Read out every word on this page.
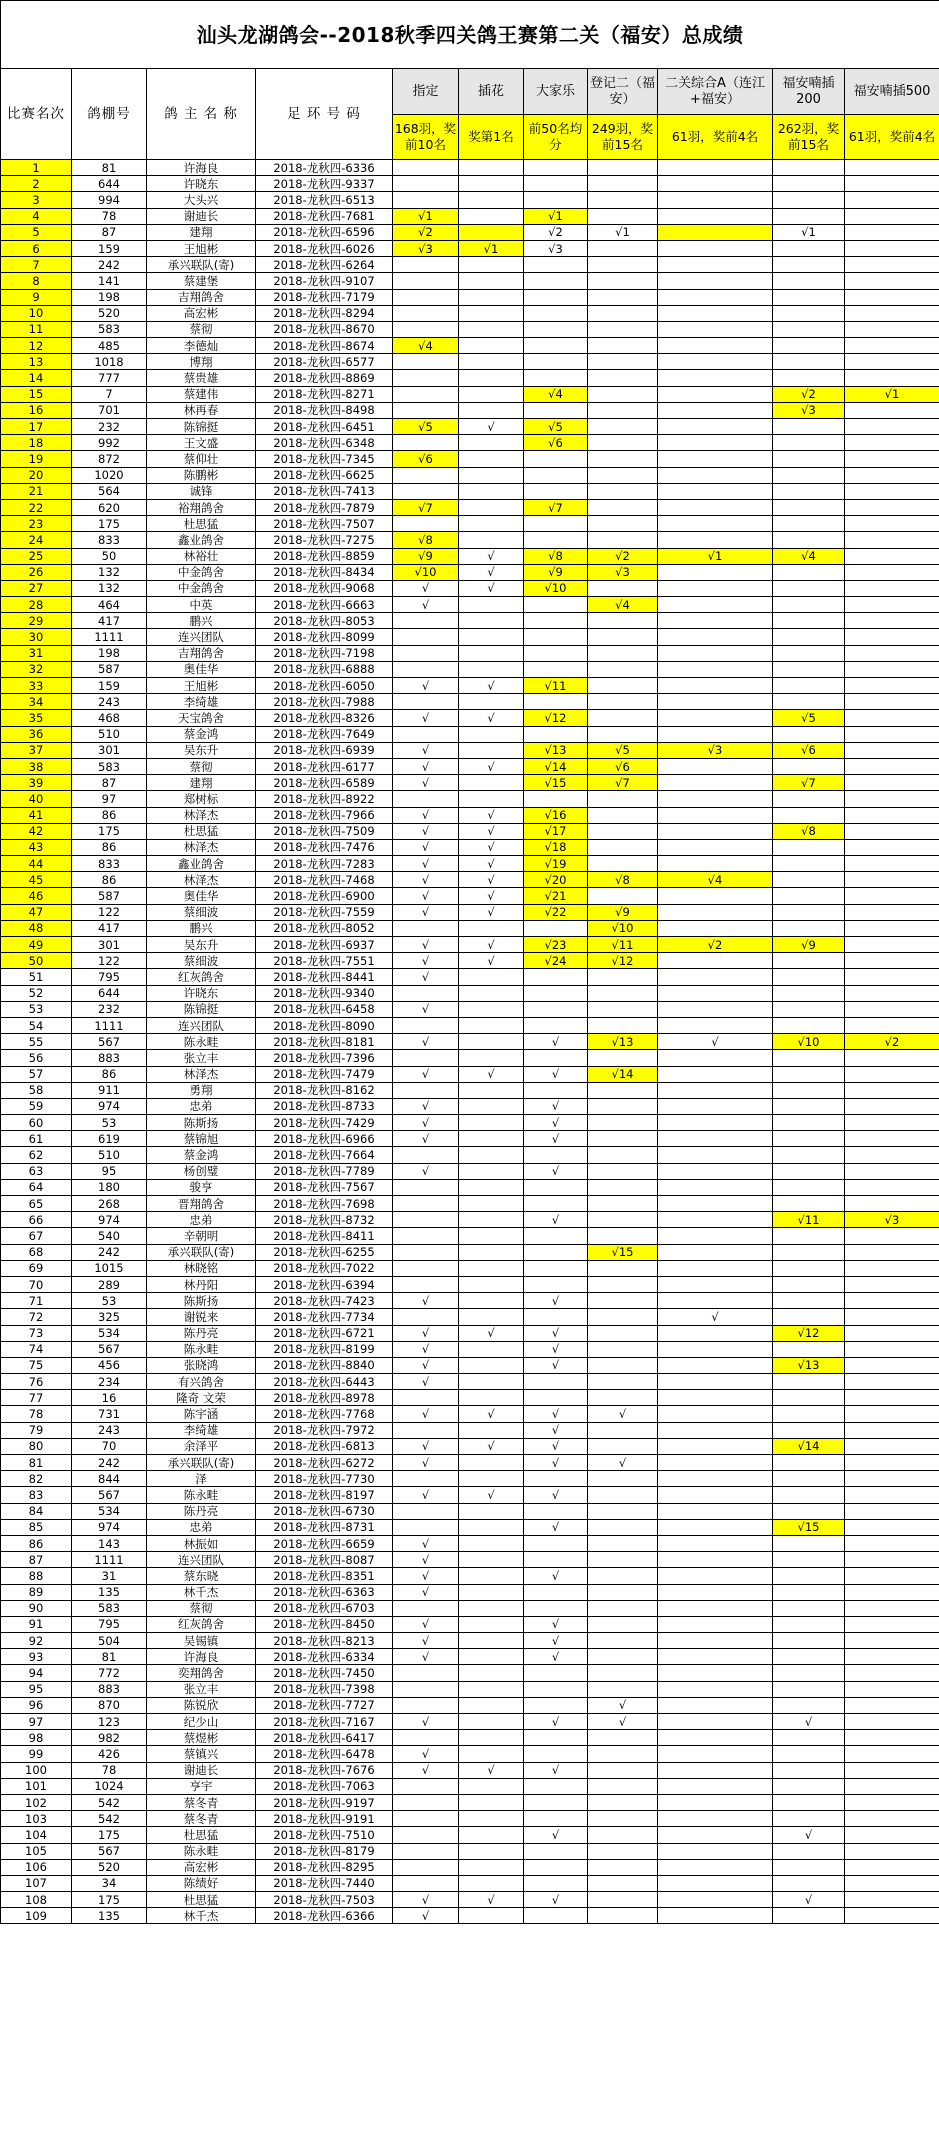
汕头龙湖鸽会--2018秋季四关鸽王赛第二关（福安）总成绩										
比赛名次	鸽棚号	鸽 主 名 称	足 环 号 码	指定	插花	大家乐	登记二（福安）	二关综合A（连江+福安）	福安喃插200	福安喃插500
				168羽，奖前10名	奖第1名	前50名均分	249羽，奖前15名	61羽，奖前4名	262羽，奖前15名	61羽，奖前4名
1	81	许海良	2018-龙秋四-6336							
2	644	许晓东	2018-龙秋四-9337							
3	994	大头兴	2018-龙秋四-6513							
4	78	谢迪长	2018-龙秋四-7681	√1		√1				
5	87	建翔	2018-龙秋四-6596	√2		√2	√1		√1	
6	159	王旭彬	2018-龙秋四-6026	√3	√1	√3				
7	242	承兴联队(寄)	2018-龙秋四-6264							
8	141	蔡建堡	2018-龙秋四-9107							
9	198	吉翔鸽舍	2018-龙秋四-7179							
10	520	高宏彬	2018-龙秋四-8294							
11	583	蔡彻	2018-龙秋四-8670							
12	485	李德灿	2018-龙秋四-8674	√4						
13	1018	博翔	2018-龙秋四-6577							
14	777	蔡贵雄	2018-龙秋四-8869							
15	7	蔡建伟	2018-龙秋四-8271			√4			√2	√1
16	701	林再春	2018-龙秋四-8498						√3	
17	232	陈锦挺	2018-龙秋四-6451	√5	√	√5				
18	992	王文盛	2018-龙秋四-6348			√6				
19	872	蔡仰壮	2018-龙秋四-7345	√6						
20	1020	陈鹏彬	2018-龙秋四-6625							
21	564	诚锋	2018-龙秋四-7413							
22	620	裕翔鸽舍	2018-龙秋四-7879	√7		√7				
23	175	杜思猛	2018-龙秋四-7507							
24	833	鑫业鸽舍	2018-龙秋四-7275	√8						
25	50	林裕壮	2018-龙秋四-8859	√9	√	√8	√2	√1	√4	
26	132	中金鸽舍	2018-龙秋四-8434	√10	√	√9	√3			
27	132	中金鸽舍	2018-龙秋四-9068	√	√	√10				
28	464	中英	2018-龙秋四-6663	√			√4			
29	417	鹏兴	2018-龙秋四-8053							
30	1111	连兴团队	2018-龙秋四-8099							
31	198	吉翔鸽舍	2018-龙秋四-7198							
32	587	奥佳华	2018-龙秋四-6888							
33	159	王旭彬	2018-龙秋四-6050	√	√	√11				
34	243	李绮雄	2018-龙秋四-7988							
35	468	天宝鸽舍	2018-龙秋四-8326	√	√	√12			√5	
36	510	蔡金鸿	2018-龙秋四-7649							
37	301	吴东升	2018-龙秋四-6939	√		√13	√5	√3	√6	
38	583	蔡彻	2018-龙秋四-6177	√	√	√14	√6			
39	87	建翔	2018-龙秋四-6589	√		√15	√7		√7	
40	97	郑树标	2018-龙秋四-8922							
41	86	林泽杰	2018-龙秋四-7966	√	√	√16				
42	175	杜思猛	2018-龙秋四-7509	√	√	√17			√8	
43	86	林泽杰	2018-龙秋四-7476	√	√	√18				
44	833	鑫业鸽舍	2018-龙秋四-7283	√	√	√19				
45	86	林泽杰	2018-龙秋四-7468	√	√	√20	√8	√4		
46	587	奥佳华	2018-龙秋四-6900	√	√	√21				
47	122	蔡细波	2018-龙秋四-7559	√	√	√22	√9			
48	417	鹏兴	2018-龙秋四-8052				√10			
49	301	吴东升	2018-龙秋四-6937	√	√	√23	√11	√2	√9	
50	122	蔡细波	2018-龙秋四-7551	√	√	√24	√12			
51	795	红灰鸽舍	2018-龙秋四-8441	√						
52	644	许晓东	2018-龙秋四-9340							
53	232	陈锦挺	2018-龙秋四-6458	√						
54	1111	连兴团队	2018-龙秋四-8090							
55	567	陈永畦	2018-龙秋四-8181	√		√	√13	√	√10	√2
56	883	张立丰	2018-龙秋四-7396							
57	86	林泽杰	2018-龙秋四-7479	√	√	√	√14			
58	911	勇翔	2018-龙秋四-8162							
59	974	忠弟	2018-龙秋四-8733	√		√				
60	53	陈斯扬	2018-龙秋四-7429	√		√				
61	619	蔡锦旭	2018-龙秋四-6966	√		√				
62	510	蔡金鸿	2018-龙秋四-7664							
63	95	杨创璧	2018-龙秋四-7789	√		√				
64	180	骏亨	2018-龙秋四-7567							
65	268	晋翔鸽舍	2018-龙秋四-7698							
66	974	忠弟	2018-龙秋四-8732			√			√11	√3
67	540	辛朝明	2018-龙秋四-8411							
68	242	承兴联队(寄)	2018-龙秋四-6255				√15			
69	1015	林晓铭	2018-龙秋四-7022							
70	289	林丹阳	2018-龙秋四-6394							
71	53	陈斯扬	2018-龙秋四-7423	√		√				
72	325	谢锐来	2018-龙秋四-7734					√		
73	534	陈丹亮	2018-龙秋四-6721	√	√	√			√12	
74	567	陈永畦	2018-龙秋四-8199	√		√				
75	456	张晓鸿	2018-龙秋四-8840	√		√			√13	
76	234	有兴鸽舍	2018-龙秋四-6443	√						
77	16	隆奇 文荣	2018-龙秋四-8978							
78	731	陈宇涵	2018-龙秋四-7768	√	√	√	√			
79	243	李绮雄	2018-龙秋四-7972			√				
80	70	余泽平	2018-龙秋四-6813	√	√	√			√14	
81	242	承兴联队(寄)	2018-龙秋四-6272	√		√	√			
82	844	泽	2018-龙秋四-7730							
83	567	陈永畦	2018-龙秋四-8197	√	√	√				
84	534	陈丹亮	2018-龙秋四-6730							
85	974	忠弟	2018-龙秋四-8731			√			√15	
86	143	林振如	2018-龙秋四-6659	√						
87	1111	连兴团队	2018-龙秋四-8087	√						
88	31	蔡东晓	2018-龙秋四-8351	√		√				
89	135	林千杰	2018-龙秋四-6363	√						
90	583	蔡彻	2018-龙秋四-6703							
91	795	红灰鸽舍	2018-龙秋四-8450	√		√				
92	504	吴锡镇	2018-龙秋四-8213	√		√				
93	81	许海良	2018-龙秋四-6334	√		√				
94	772	奕翔鸽舍	2018-龙秋四-7450							
95	883	张立丰	2018-龙秋四-7398							
96	870	陈锐欣	2018-龙秋四-7727				√			
97	123	纪少山	2018-龙秋四-7167	√		√	√		√	
98	982	蔡煜彬	2018-龙秋四-6417							
99	426	蔡镇兴	2018-龙秋四-6478	√						
100	78	谢迪长	2018-龙秋四-7676	√	√	√				
101	1024	亨宇	2018-龙秋四-7063							
102	542	蔡冬青	2018-龙秋四-9197							
103	542	蔡冬青	2018-龙秋四-9191							
104	175	杜思猛	2018-龙秋四-7510			√			√	
105	567	陈永畦	2018-龙秋四-8179							
106	520	高宏彬	2018-龙秋四-8295							
107	34	陈绩好	2018-龙秋四-7440							
108	175	杜思猛	2018-龙秋四-7503	√	√	√			√	
109	135	林千杰	2018-龙秋四-6366	√						
